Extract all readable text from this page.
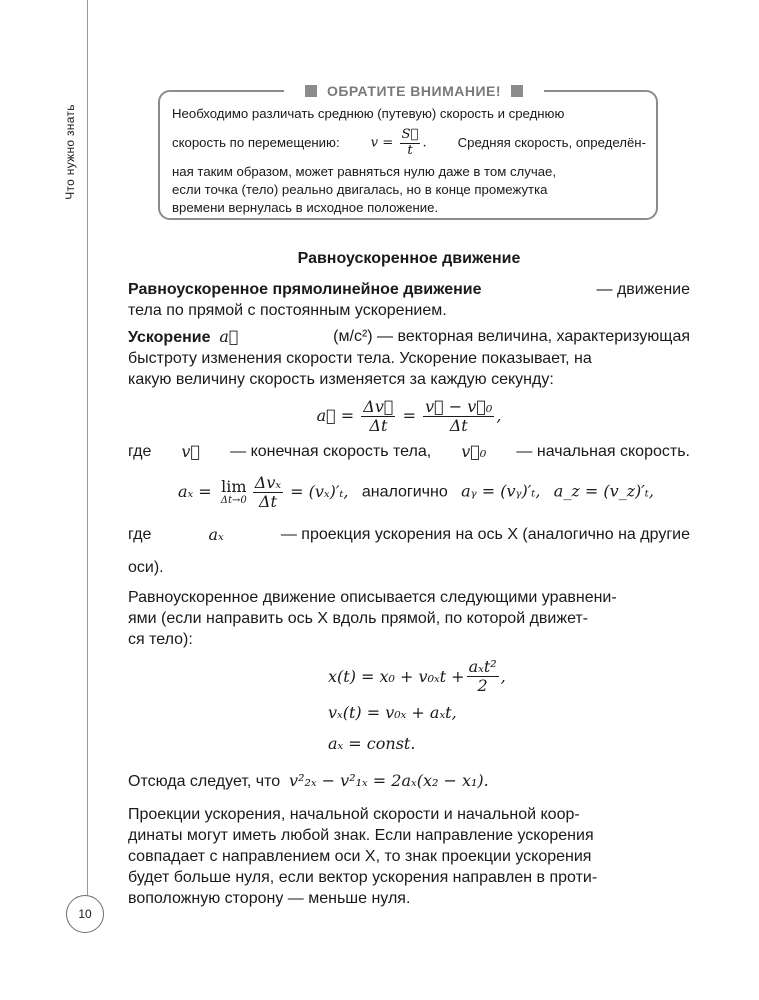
Что нужно знать
10
ОБРАТИТЕ ВНИМАНИЕ!
Необходимо различать среднюю (путевую) скорость и среднюю
скорость по перемещению: $v = \frac{S⃗}{t}$ . Средняя скорость, определён-
ная таким образом, может равняться нулю даже в том случае,
если точка (тело) реально двигалась, но в конце промежутка
времени вернулась в исходное положение.
Равноускоренное движение
Равноускоренное прямолинейное движение	— движение
тела по прямой с постоянным ускорением.
Ускорение a⃗	(м/с²) — векторная величина, характеризующая
быстроту изменения скорости тела. Ускорение показывает, на
какую величину скорость изменяется за каждую секунду:
a⃗ = $\frac{\Delta v⃗}{\Delta t} = \frac{\text{v⃗ − v⃗₀}}{\Delta t}$ ,
где v⃗ — конечная скорость тела, v⃗₀ — начальная скорость.
aₓ = lim
$\Delta t\to 0 \frac{\text{Δvₓ}}{\Delta t} = (v_x)'_t$, аналогично aᵧ = (vᵧ)′ₜ, a_z = (v_z)′ₜ,
где	aₓ	— проекция ускорения на ось X (аналогично на другие
оси).
Равноускоренное движение описывается следующими уравнени-
ями (если направить ось X вдоль прямой, по которой движет-
ся тело):
$x(t) = x_0 + v_{0x}t + \frac{\text{aₓt²}}{2}$ ,
vₓ(t) = v₀ₓ + aₓt,
aₓ = const.
Отсюда следует, что v²₂ₓ − v²₁ₓ = 2aₓ(x₂ − x₁).
Проекции ускорения, начальной скорости и начальной коор-
динаты могут иметь любой знак. Если направление ускорения
совпадает с направлением оси X, то знак проекции ускорения
будет больше нуля, если вектор ускорения направлен в проти-
воположную сторону — меньше нуля.
